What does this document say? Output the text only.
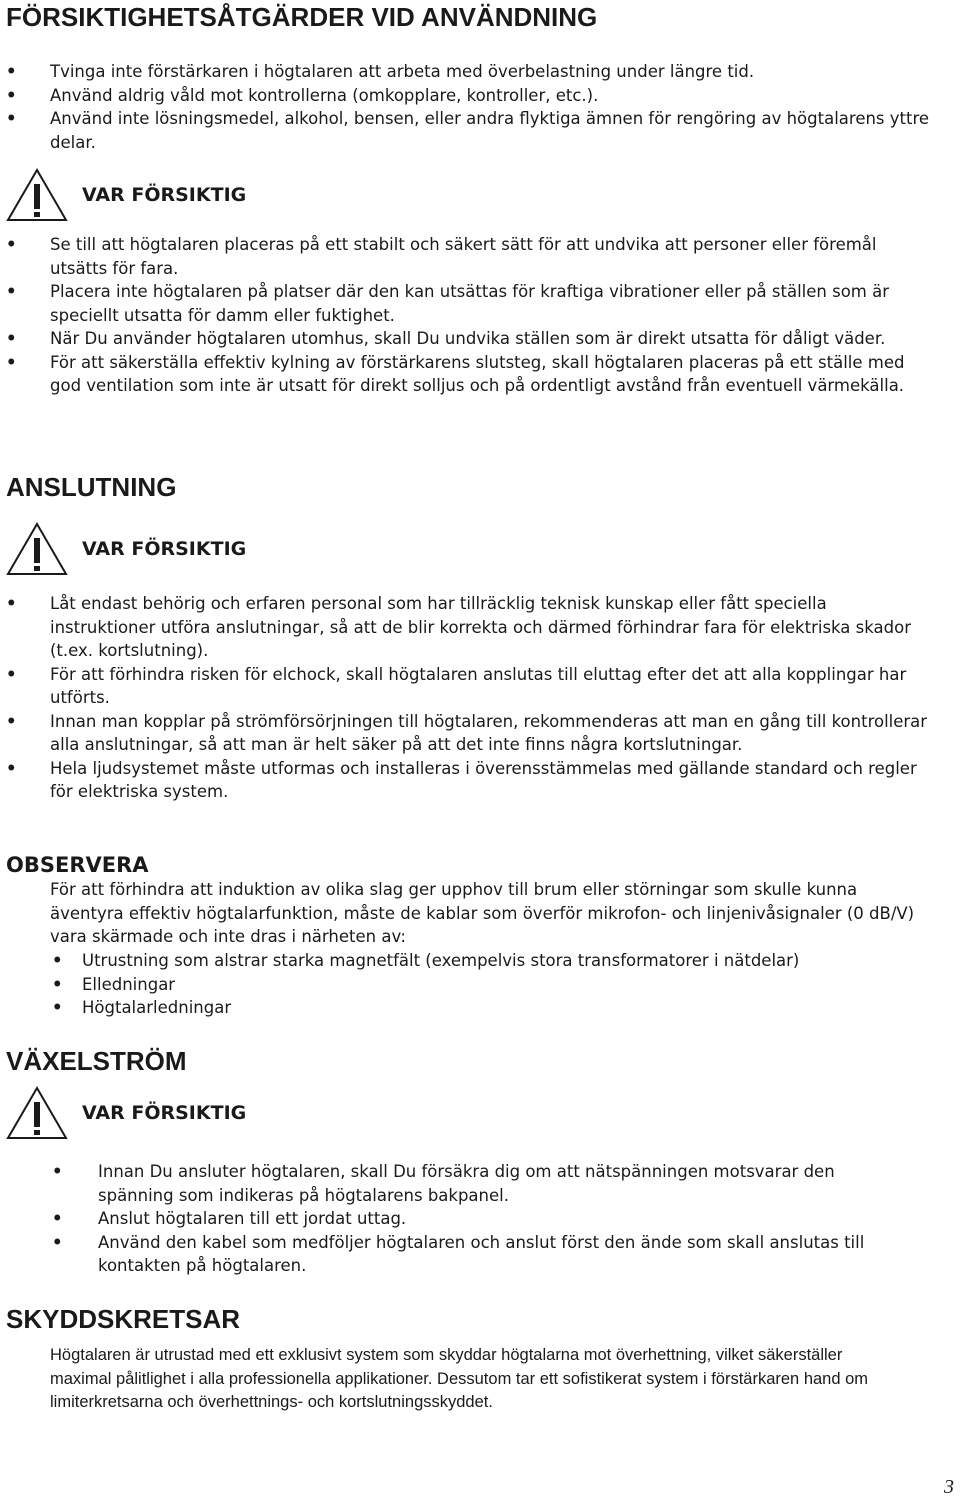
FÖRSIKTIGHETSÅTGÄRDER VID ANVÄNDNING
• Tvinga inte förstärkaren i högtalaren att arbeta med överbelastning under längre tid.
• Använd aldrig våld mot kontrollerna (omkopplare, kontroller, etc.).
• Använd inte lösningsmedel, alkohol, bensen, eller andra flyktiga ämnen för rengöring av högtalarens yttre delar.
VAR FÖRSIKTIG
• Se till att högtalaren placeras på ett stabilt och säkert sätt för att undvika att personer eller föremål utsätts för fara.
• Placera inte högtalaren på platser där den kan utsättas för kraftiga vibrationer eller på ställen som är speciellt utsatta för damm eller fuktighet.
• När Du använder högtalaren utomhus, skall Du undvika ställen som är direkt utsatta för dåligt väder.
• För att säkerställa effektiv kylning av förstärkarens slutsteg, skall högtalaren placeras på ett ställe med god ventilation som inte är utsatt för direkt solljus och på ordentligt avstånd från eventuell värmekälla.
ANSLUTNING
VAR FÖRSIKTIG
• Låt endast behörig och erfaren personal som har tillräcklig teknisk kunskap eller fått speciella instruktioner utföra anslutningar, så att de blir korrekta och därmed förhindrar fara för elektriska skador (t.ex. kortslutning).
• För att förhindra risken för elchock, skall högtalaren anslutas till eluttag efter det att alla kopplingar har utförts.
• Innan man kopplar på strömförsörjningen till högtalaren, rekommenderas att man en gång till kontrollerar alla anslutningar, så att man är helt säker på att det inte finns några kortslutningar.
• Hela ljudsystemet måste utformas och installeras i överensstämmelas med gällande standard och regler för elektriska system.
OBSERVERA

För att förhindra att induktion av olika slag ger upphov till brum eller störningar som skulle kunna äventyra effektiv högtalarfunktion, måste de kablar som överför mikrofon- och linjenivåsignaler (0 dB/V) vara skärmade och inte dras i närheten av:

• Utrustning som alstrar starka magnetfält (exempelvis stora transformatorer i nätdelar)
• Elledningar
• Högtalarledningar
VÄXELSTRÖM
VAR FÖRSIKTIG
• Innan Du ansluter högtalaren, skall Du försäkra dig om att nätspänningen motsvarar den spänning som indikeras på högtalarens bakpanel.
• Anslut högtalaren till ett jordat uttag.
• Använd den kabel som medföljer högtalaren och anslut först den ände som skall anslutas till kontakten på högtalaren.
SKYDDSKRETSAR

Högtalaren är utrustad med ett exklusivt system som skyddar högtalarna mot överhettning, vilket säkerställer maximal pålitlighet i alla professionella applikationer. Dessutom tar ett sofistikerat system i förstärkaren hand om limiterkretsarna och överhettnings- och kortslutningsskyddet.

3
